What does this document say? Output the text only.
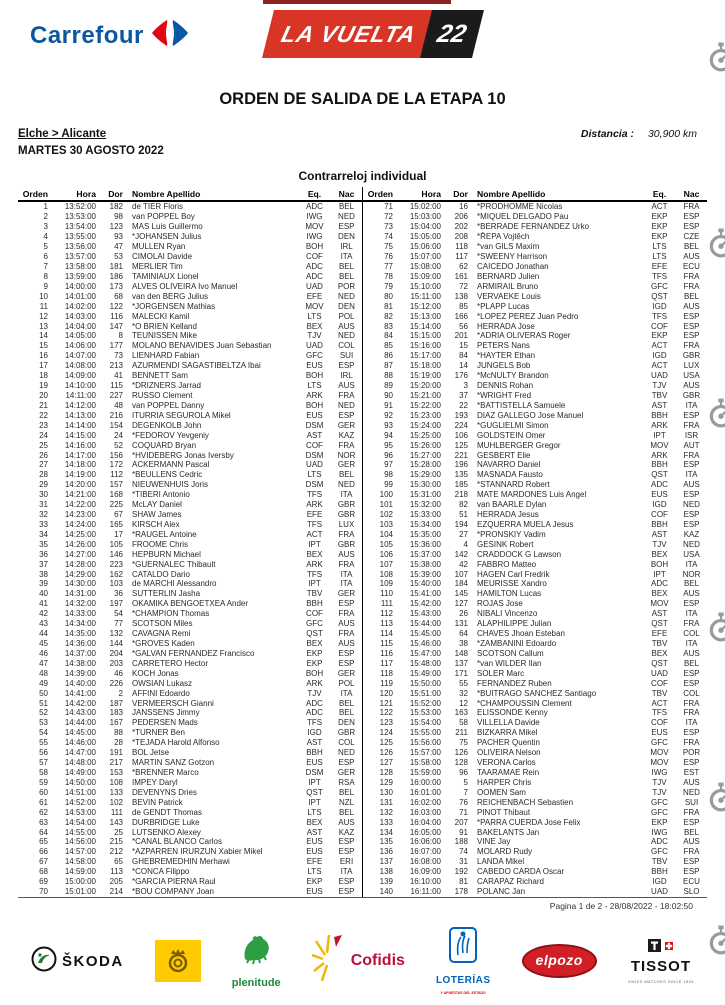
Carrefour	LA VUELTA 22
ORDEN DE SALIDA DE LA ETAPA 10
Elche > Alicante	Distancia : 30,900 km
MARTES 30 AGOSTO 2022
Contrarreloj individual
Orden	Hora	Dor	Nombre Apellido	Eq.	Nac
1	13:52:00	182	de TIER Floris	ADC	BEL
2	13:53:00	98	van POPPEL Boy	IWG	NED
3	13:54:00	123	MAS Luis Guillermo	MOV	ESP
4	13:55:00	93	*JOHANSEN Julius	IWG	DEN
5	13:56:00	47	MULLEN Ryan	BOH	IRL
6	13:57:00	53	CIMOLAI Davide	COF	ITA
7	13:58:00	181	MERLIER Tim	ADC	BEL
8	13:59:00	186	TAMINIAUX Lionel	ADC	BEL
9	14:00:00	173	ALVES OLIVEIRA Ivo Manuel	UAD	POR
10	14:01:00	68	van den BERG Julius	EFE	NED
11	14:02:00	122	*JORGENSEN Mathias	MOV	DEN
12	14:03:00	116	MALECKI Kamil	LTS	POL
13	14:04:00	147	*O BRIEN Kelland	BEX	AUS
14	14:05:00	8	TEUNISSEN Mike	TJV	NED
15	14:06:00	177	MOLANO BENAVIDES Juan Sebastian	UAD	COL
16	14:07:00	73	LIENHARD Fabian	GFC	SUI
17	14:08:00	213	AZURMENDI SAGASTIBELTZA Ibai	EUS	ESP
18	14:09:00	41	BENNETT Sam	BOH	IRL
19	14:10:00	115	*DRIZNERS Jarrad	LTS	AUS
20	14:11:00	227	RUSSO Clement	ARK	FRA
21	14:12:00	48	van POPPEL Danny	BOH	NED
22	14:13:00	216	ITURRIA SEGUROLA Mikel	EUS	ESP
23	14:14:00	154	DEGENKOLB John	DSM	GER
24	14:15:00	24	*FEDOROV Yevgeniy	AST	KAZ
25	14:16:00	52	COQUARD Bryan	COF	FRA
26	14:17:00	156	*HVIDEBERG Jonas Iversby	DSM	NOR
27	14:18:00	172	ACKERMANN Pascal	UAD	GER
28	14:19:00	112	*BEULLENS Cedric	LTS	BEL
29	14:20:00	157	NIEUWENHUIS Joris	DSM	NED
30	14:21:00	168	*TIBERI Antonio	TFS	ITA
31	14:22:00	225	McLAY Daniel	ARK	GBR
32	14:23:00	67	SHAW James	EFE	GBR
33	14:24:00	165	KIRSCH Alex	TFS	LUX
34	14:25:00	17	*RAUGEL Antoine	ACT	FRA
35	14:26:00	105	FROOME Chris	IPT	GBR
36	14:27:00	146	HEPBURN Michael	BEX	AUS
37	14:28:00	223	*GUERNALEC Thibault	ARK	FRA
38	14:29:00	162	CATALDO Dario	TFS	ITA
39	14:30:00	103	de MARCHI Alessandro	IPT	ITA
40	14:31:00	36	SUTTERLIN Jasha	TBV	GER
41	14:32:00	197	OKAMIKA BENGOETXEA Ander	BBH	ESP
42	14:33:00	54	*CHAMPION Thomas	COF	FRA
43	14:34:00	77	SCOTSON Miles	GFC	AUS
44	14:35:00	132	CAVAGNA Remi	QST	FRA
45	14:36:00	144	*GROVES Kaden	BEX	AUS
46	14:37:00	204	*GALVAN FERNANDEZ Francisco	EKP	ESP
47	14:38:00	203	CARRETERO Hector	EKP	ESP
48	14:39:00	46	KOCH Jonas	BOH	GER
49	14:40:00	226	OWSIAN Lukasz	ARK	POL
50	14:41:00	2	AFFINI Edoardo	TJV	ITA
51	14:42:00	187	VERMEERSCH Gianni	ADC	BEL
52	14:43:00	183	JANSSENS Jimmy	ADC	BEL
53	14:44:00	167	PEDERSEN Mads	TFS	DEN
54	14:45:00	88	*TURNER Ben	IGD	GBR
55	14:46:00	28	*TEJADA Harold Alfonso	AST	COL
56	14:47:00	191	BOL Jetse	BBH	NED
57	14:48:00	217	MARTIN SANZ Gotzon	EUS	ESP
58	14:49:00	153	*BRENNER Marco	DSM	GER
59	14:50:00	108	IMPEY Daryl	IPT	RSA
60	14:51:00	133	DEVENYNS Dries	QST	BEL
61	14:52:00	102	BEVIN Patrick	IPT	NZL
62	14:53:00	111	de GENDT Thomas	LTS	BEL
63	14:54:00	143	DURBRIDGE Luke	BEX	AUS
64	14:55:00	25	LUTSENKO Alexey	AST	KAZ
65	14:56:00	215	*CANAL BLANCO Carlos	EUS	ESP
66	14:57:00	212	*AZPARREN IRURZUN Xabier Mikel	EUS	ESP
67	14:58:00	65	GHEBREMEDHIN Merhawi	EFE	ERI
68	14:59:00	113	*CONCA Filippo	LTS	ITA
69	15:00:00	205	*GARCIA PIERNA Raul	EKP	ESP
70	15:01:00	214	*BOU COMPANY Joan	EUS	ESP
Orden	Hora	Dor	Nombre Apellido	Eq.	Nac
71	15:02:00	16	*PRODHOMME Nicolas	ACT	FRA
72	15:03:00	206	*MIQUEL DELGADO Pau	EKP	ESP
73	15:04:00	202	*BERRADE FERNANDEZ Urko	EKP	ESP
74	15:05:00	208	*ŘEPA Vojtěch	EKP	CZE
75	15:06:00	118	*van GILS Maxim	LTS	BEL
76	15:07:00	117	*SWEENY Harrison	LTS	AUS
77	15:08:00	62	CAICEDO Jonathan	EFE	ECU
78	15:09:00	161	BERNARD Julien	TFS	FRA
79	15:10:00	72	ARMIRAIL Bruno	GFC	FRA
80	15:11:00	138	VERVAEKE Louis	QST	BEL
81	15:12:00	85	*PLAPP Lucas	IGD	AUS
82	15:13:00	166	*LOPEZ PEREZ Juan Pedro	TFS	ESP
83	15:14:00	56	HERRADA Jose	COF	ESP
84	15:15:00	201	*ADRIA OLIVERAS Roger	EKP	ESP
85	15:16:00	15	PETERS Nans	ACT	FRA
86	15:17:00	84	*HAYTER Ethan	IGD	GBR
87	15:18:00	14	JUNGELS Bob	ACT	LUX
88	15:19:00	176	*McNULTY Brandon	UAD	USA
89	15:20:00	3	DENNIS Rohan	TJV	AUS
90	15:21:00	37	*WRIGHT Fred	TBV	GBR
91	15:22:00	22	*BATTISTELLA Samuele	AST	ITA
92	15:23:00	193	DIAZ GALLEGO Jose Manuel	BBH	ESP
93	15:24:00	224	*GUGLIELMI Simon	ARK	FRA
94	15:25:00	106	GOLDSTEIN Omer	IPT	ISR
95	15:26:00	125	MUHLBERGER Gregor	MOV	AUT
96	15:27:00	221	GESBERT Elie	ARK	FRA
97	15:28:00	196	NAVARRO Daniel	BBH	ESP
98	15:29:00	135	MASNADA Fausto	QST	ITA
99	15:30:00	185	*STANNARD Robert	ADC	AUS
100	15:31:00	218	MATE MARDONES Luis Angel	EUS	ESP
101	15:32:00	82	van BAARLE Dylan	IGD	NED
102	15:33:00	51	HERRADA Jesus	COF	ESP
103	15:34:00	194	EZQUERRA MUELA Jesus	BBH	ESP
104	15:35:00	27	*PRONSKIY Vadim	AST	KAZ
105	15:36:00	4	GESINK Robert	TJV	NED
106	15:37:00	142	CRADDOCK G Lawson	BEX	USA
107	15:38:00	42	FABBRO Matteo	BOH	ITA
108	15:39:00	107	HAGEN Carl Fredrik	IPT	NOR
109	15:40:00	184	MEURISSE Xandro	ADC	BEL
110	15:41:00	145	HAMILTON Lucas	BEX	AUS
111	15:42:00	127	ROJAS Jose	MOV	ESP
112	15:43:00	26	NIBALI Vincenzo	AST	ITA
113	15:44:00	131	ALAPHILIPPE Julian	QST	FRA
114	15:45:00	64	CHAVES Jhoan Esteban	EFE	COL
115	15:46:00	38	*ZAMBANINI Edoardo	TBV	ITA
116	15:47:00	148	SCOTSON Callum	BEX	AUS
117	15:48:00	137	*van WILDER Ilan	QST	BEL
118	15:49:00	171	SOLER Marc	UAD	ESP
119	15:50:00	55	FERNANDEZ Ruben	COF	ESP
120	15:51:00	32	*BUITRAGO SANCHEZ Santiago	TBV	COL
121	15:52:00	12	*CHAMPOUSSIN Clement	ACT	FRA
122	15:53:00	163	ELISSONDE Kenny	TFS	FRA
123	15:54:00	58	VILLELLA Davide	COF	ITA
124	15:55:00	211	BIZKARRA Mikel	EUS	ESP
125	15:56:00	75	PACHER Quentin	GFC	FRA
126	15:57:00	126	OLIVEIRA Nelson	MOV	POR
127	15:58:00	128	VERONA Carlos	MOV	ESP
128	15:59:00	96	TAARAMAE Rein	IWG	EST
129	16:00:00	5	HARPER Chris	TJV	AUS
130	16:01:00	7	OOMEN Sam	TJV	NED
131	16:02:00	76	REICHENBACH Sebastien	GFC	SUI
132	16:03:00	71	PINOT Thibaut	GFC	FRA
133	16:04:00	207	*PARRA CUERDA Jose Felix	EKP	ESP
134	16:05:00	91	BAKELANTS Jan	IWG	BEL
135	16:06:00	188	VINE Jay	ADC	AUS
136	16:07:00	74	MOLARD Rudy	GFC	FRA
137	16:08:00	31	LANDA Mikel	TBV	ESP
138	16:09:00	192	CABEDO CARDA Oscar	BBH	ESP
139	16:10:00	81	CARAPAZ Richard	IGD	ECU
140	16:11:00	178	POLANC Jan	UAD	SLO
Pagina 1 de 2 - 28/08/2022 - 18:02:50
ŠKODA
plenitude
Cofidis
LOTERÍAS
Y APUESTAS DEL ESTADO
elpozo	TISSOT
SWISS WATCHES SINCE 1853
